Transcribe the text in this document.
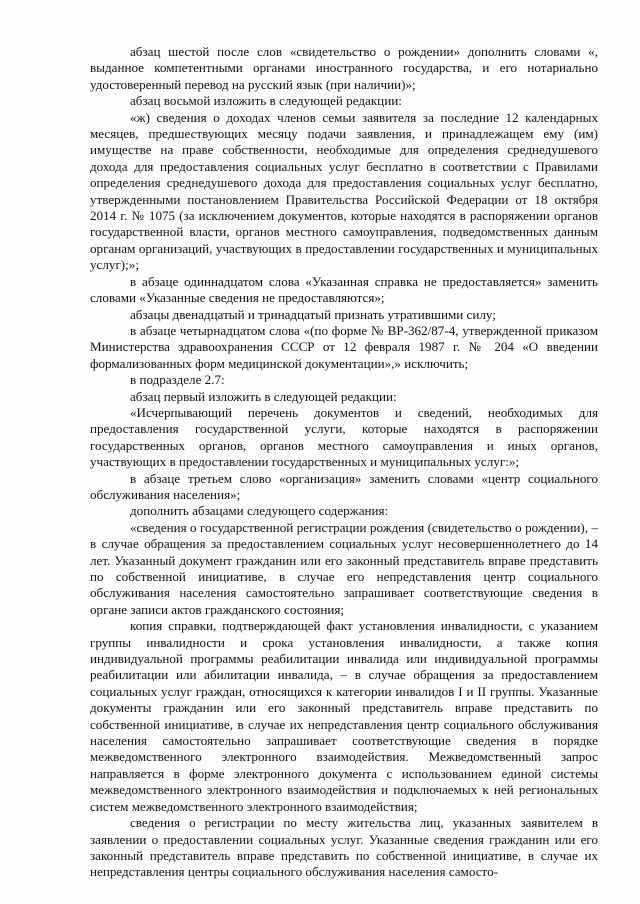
абзац шестой после слов «свидетельство о рождении» дополнить словами «, выданное компетентными органами иностранного государства, и его нотариально удостоверенный перевод на русский язык (при наличии)»;

абзац восьмой изложить в следующей редакции:

«ж) сведения о доходах членов семьи заявителя за последние 12 календарных месяцев, предшествующих месяцу подачи заявления, и принадлежащем ему (им) имуществе на праве собственности, необходимые для определения среднедушевого дохода для предоставления социальных услуг бесплатно в соответствии с Правилами определения среднедушевого дохода для предоставления социальных услуг бесплатно, утвержденными постановлением Правительства Российской Федерации от 18 октября 2014 г. № 1075 (за исключением документов, которые находятся в распоряжении органов государственной власти, органов местного самоуправления, подведомственных данным органам организаций, участвующих в предоставлении государственных и муниципальных услуг);»;

в абзаце одиннадцатом слова «Указанная справка не предоставляется» заменить словами «Указанные сведения не предоставляются»;

абзацы двенадцатый и тринадцатый признать утратившими силу;

в абзаце четырнадцатом слова «(по форме № ВР-362/87-4, утвержденной приказом Министерства здравоохранения СССР от 12 февраля 1987 г. № 204 «О введении формализованных форм медицинской документации»,» исключить;

в подразделе 2.7:

абзац первый изложить в следующей редакции:

«Исчерпывающий перечень документов и сведений, необходимых для предоставления государственной услуги, которые находятся в распоряжении государственных органов, органов местного самоуправления и иных органов, участвующих в предоставлении государственных и муниципальных услуг:»;

в абзаце третьем слово «организация» заменить словами «центр социального обслуживания населения»;

дополнить абзацами следующего содержания:

«сведения о государственной регистрации рождения (свидетельство о рождении), – в случае обращения за предоставлением социальных услуг несовершеннолетнего до 14 лет. Указанный документ гражданин или его законный представитель вправе представить по собственной инициативе, в случае его непредставления центр социального обслуживания населения самостоятельно запрашивает соответствующие сведения в органе записи актов гражданского состояния;

копия справки, подтверждающей факт установления инвалидности, с указанием группы инвалидности и срока установления инвалидности, а также копия индивидуальной программы реабилитации инвалида или индивидуальной программы реабилитации или абилитации инвалида, – в случае обращения за предоставлением социальных услуг граждан, относящихся к категории инвалидов I и II группы. Указанные документы гражданин или его законный представитель вправе представить по собственной инициативе, в случае их непредставления центр социального обслуживания населения самостоятельно запрашивает соответствующие сведения в порядке межведомственного электронного взаимодействия. Межведомственный запрос направляется в форме электронного документа с использованием единой системы межведомственного электронного взаимодействия и подключаемых к ней региональных систем межведомственного электронного взаимодействия;

сведения о регистрации по месту жительства лиц, указанных заявителем в заявлении о предоставлении социальных услуг. Указанные сведения гражданин или его законный представитель вправе представить по собственной инициативе, в случае их непредставления центры социального обслуживания населения самосто-
